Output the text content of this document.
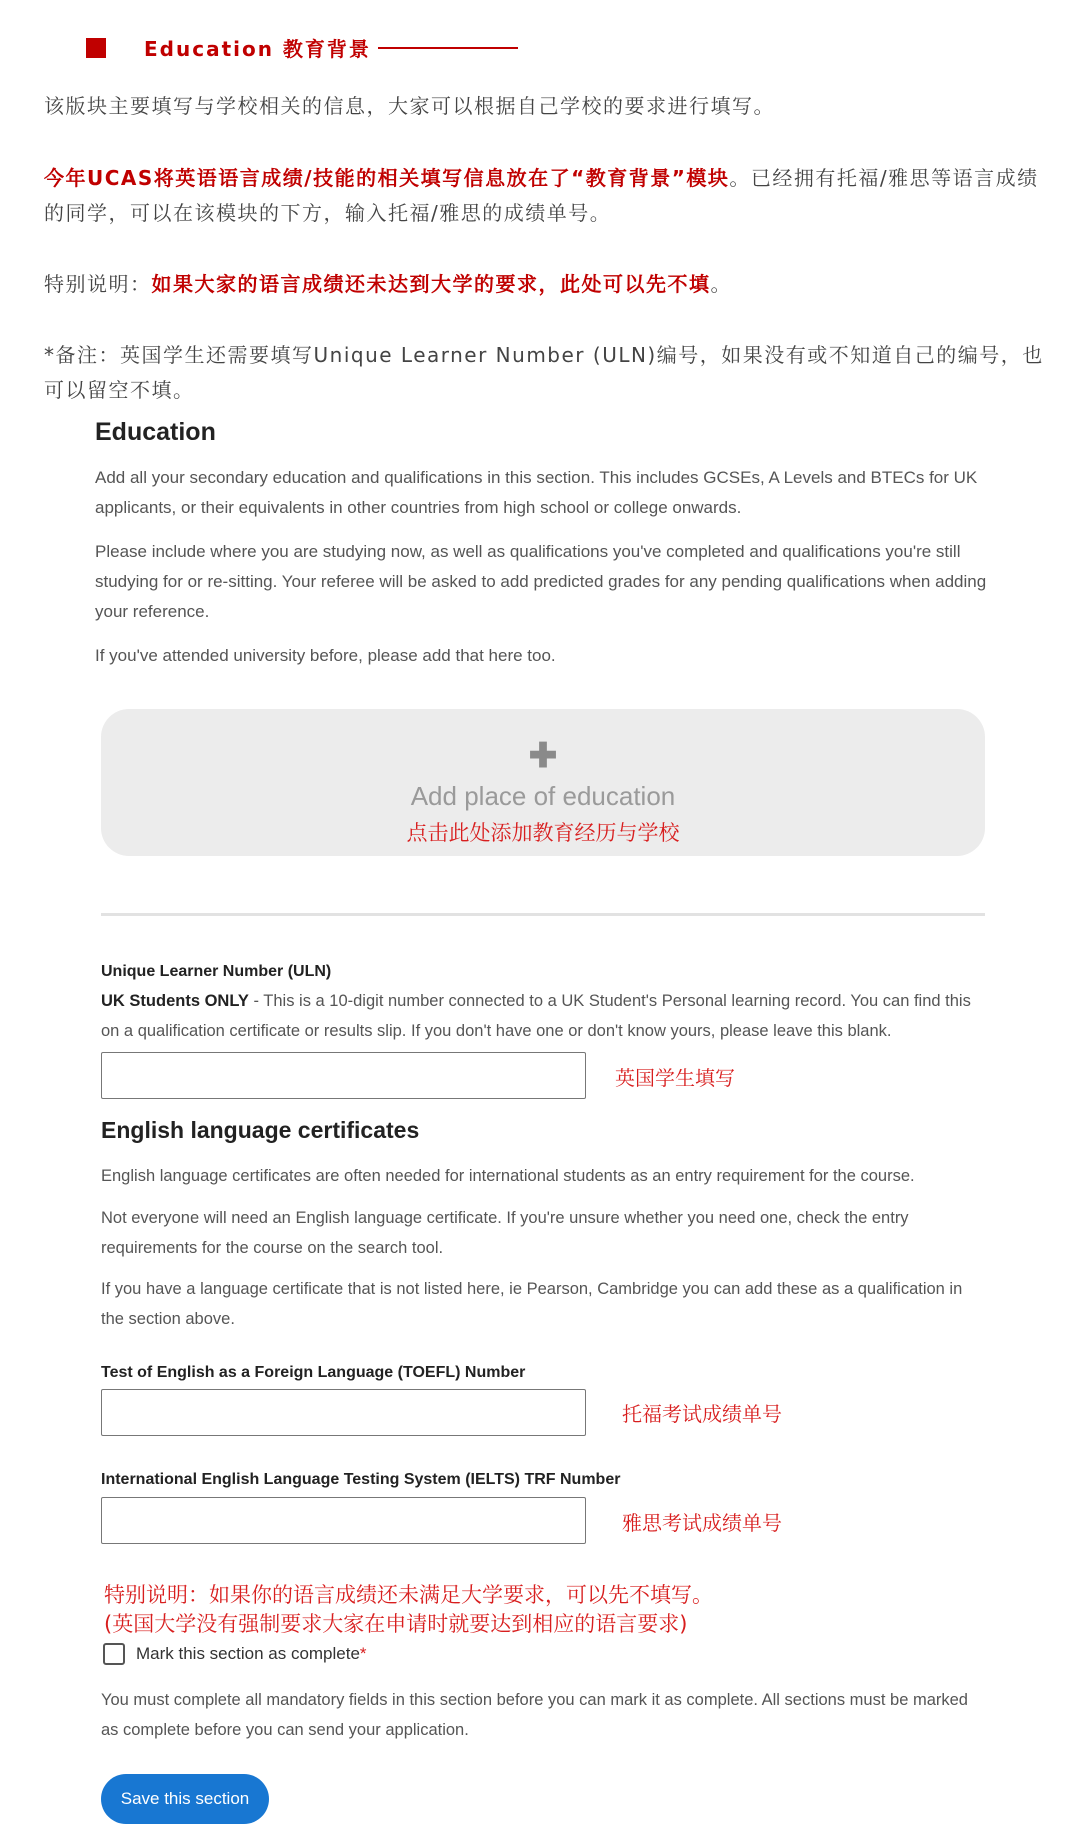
Education 教育背景
该版块主要填写与学校相关的信息，大家可以根据自己学校的要求进行填写。
今年UCAS将英语语言成绩/技能的相关填写信息放在了“教育背景”模块。已经拥有托福/雅思等语言成绩的同学，可以在该模块的下方，输入托福/雅思的成绩单号。
特别说明：如果大家的语言成绩还未达到大学的要求，此处可以先不填。
*备注：英国学生还需要填写Unique Learner Number (ULN)编号，如果没有或不知道自己的编号，也可以留空不填。
Education
Add all your secondary education and qualifications in this section. This includes GCSEs, A Levels and BTECs for UK applicants, or their equivalents in other countries from high school or college onwards.
Please include where you are studying now, as well as qualifications you've completed and qualifications you're still studying for or re-sitting. Your referee will be asked to add predicted grades for any pending qualifications when adding your reference.
If you've attended university before, please add that here too.
✚
Add place of education
点击此处添加教育经历与学校
Unique Learner Number (ULN)
UK Students ONLY - This is a 10-digit number connected to a UK Student's Personal learning record. You can find this on a qualification certificate or results slip. If you don't have one or don't know yours, please leave this blank.
英国学生填写
English language certificates
English language certificates are often needed for international students as an entry requirement for the course.
Not everyone will need an English language certificate. If you're unsure whether you need one, check the entry requirements for the course on the search tool.
If you have a language certificate that is not listed here, ie Pearson, Cambridge you can add these as a qualification in the section above.
Test of English as a Foreign Language (TOEFL) Number
托福考试成绩单号
International English Language Testing System (IELTS) TRF Number
雅思考试成绩单号
特别说明：如果你的语言成绩还未满足大学要求，可以先不填写。
(英国大学没有强制要求大家在申请时就要达到相应的语言要求)
Mark this section as complete*
You must complete all mandatory fields in this section before you can mark it as complete. All sections must be marked as complete before you can send your application.
Save this section
